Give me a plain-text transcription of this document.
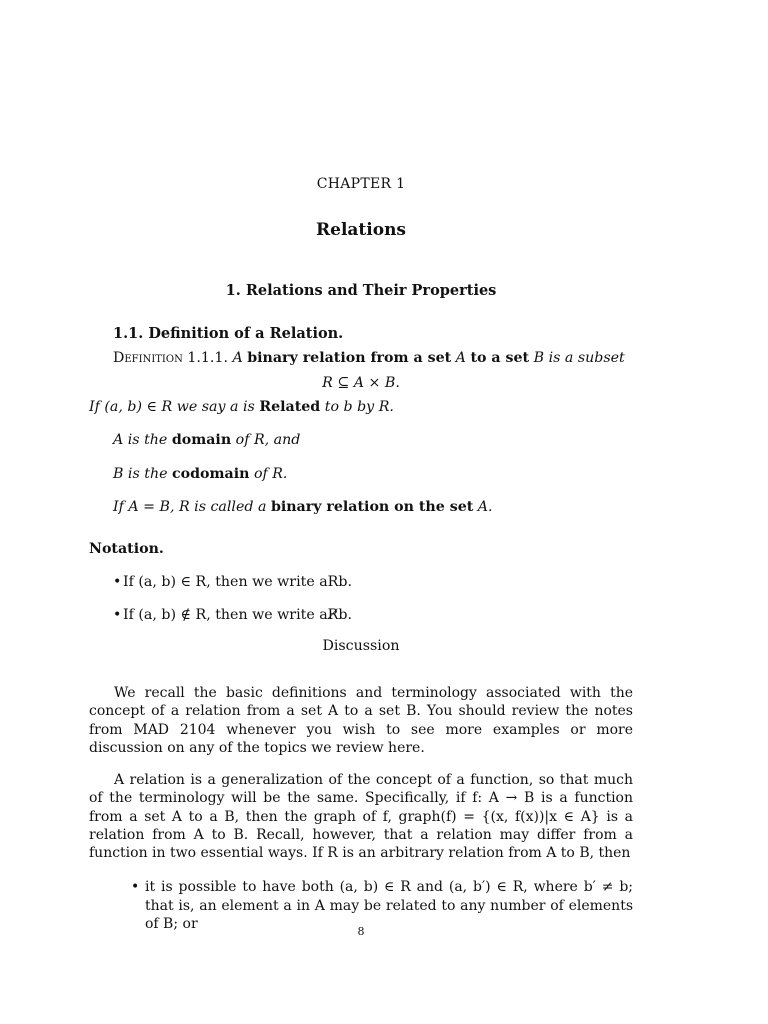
CHAPTER 1
Relations
1. Relations and Their Properties
1.1. Definition of a Relation.
Definition 1.1.1. A binary relation from a set A to a set B is a subset
R ⊆ A × B.
If (a, b) ∈ R we say a is Related to b by R.
A is the domain of R, and
B is the codomain of R.
If A = B, R is called a binary relation on the set A.
Notation.
• If (a, b) ∈ R, then we write aRb.
• If (a, b) ∉ R, then we write aR̸b.
Discussion

We recall the basic definitions and terminology associated with the concept of a relation from a set A to a set B. You should review the notes from MAD 2104 whenever you wish to see more examples or more discussion on any of the topics we review here.

A relation is a generalization of the concept of a function, so that much of the terminology will be the same. Specifically, if f: A → B is a function from a set A to a B, then the graph of f, graph(f) = {(x, f(x))|x ∈ A} is a relation from A to B. Recall, however, that a relation may differ from a function in two essential ways. If R is an arbitrary relation from A to B, then

• it is possible to have both (a, b) ∈ R and (a, b′) ∈ R, where b′ ≠ b; that is, an element a in A may be related to any number of elements of B; or	8
